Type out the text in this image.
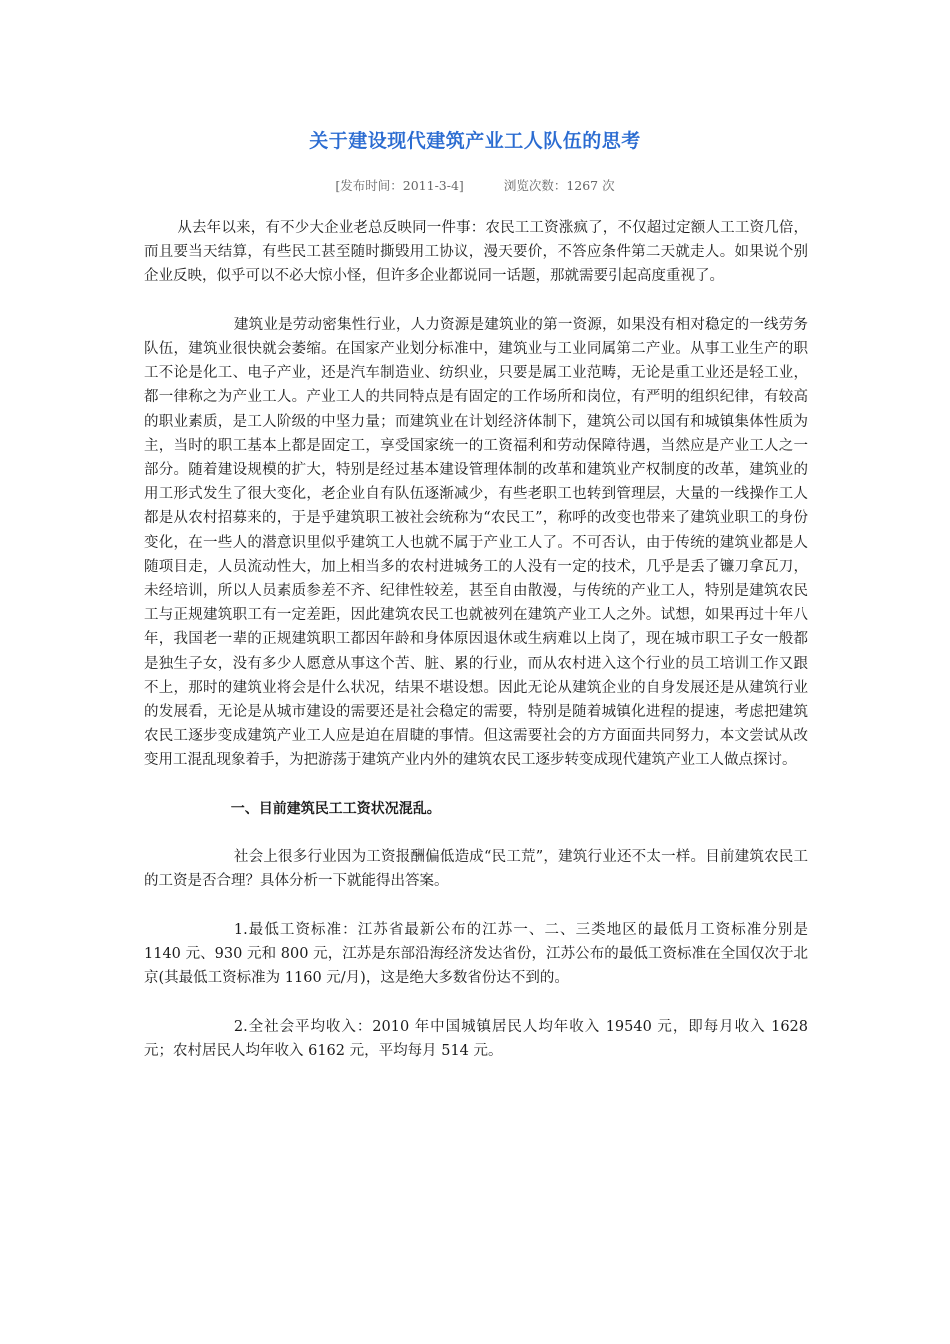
关于建设现代建筑产业工人队伍的思考
[发布时间：2011-3-4]	浏览次数：1267 次

从去年以来，有不少大企业老总反映同一件事：农民工工资涨疯了，不仅超过定额人工工资几倍，而且要当天结算，有些民工甚至随时撕毁用工协议，漫天要价，不答应条件第二天就走人。如果说个别企业反映，似乎可以不必大惊小怪，但许多企业都说同一话题，那就需要引起高度重视了。

建筑业是劳动密集性行业，人力资源是建筑业的第一资源，如果没有相对稳定的一线劳务队伍，建筑业很快就会萎缩。在国家产业划分标准中，建筑业与工业同属第二产业。从事工业生产的职工不论是化工、电子产业，还是汽车制造业、纺织业，只要是属工业范畴，无论是重工业还是轻工业，都一律称之为产业工人。产业工人的共同特点是有固定的工作场所和岗位，有严明的组织纪律，有较高的职业素质，是工人阶级的中坚力量；而建筑业在计划经济体制下，建筑公司以国有和城镇集体性质为主，当时的职工基本上都是固定工，享受国家统一的工资福利和劳动保障待遇，当然应是产业工人之一部分。随着建设规模的扩大，特别是经过基本建设管理体制的改革和建筑业产权制度的改革，建筑业的用工形式发生了很大变化，老企业自有队伍逐渐减少，有些老职工也转到管理层，大量的一线操作工人都是从农村招募来的，于是乎建筑职工被社会统称为“农民工”，称呼的改变也带来了建筑业职工的身份变化，在一些人的潜意识里似乎建筑工人也就不属于产业工人了。不可否认，由于传统的建筑业都是人随项目走，人员流动性大，加上相当多的农村进城务工的人没有一定的技术，几乎是丢了镰刀拿瓦刀，未经培训，所以人员素质参差不齐、纪律性较差，甚至自由散漫，与传统的产业工人，特别是建筑农民工与正规建筑职工有一定差距，因此建筑农民工也就被列在建筑产业工人之外。试想，如果再过十年八年，我国老一辈的正规建筑职工都因年龄和身体原因退休或生病难以上岗了，现在城市职工子女一般都是独生子女，没有多少人愿意从事这个苦、脏、累的行业，而从农村进入这个行业的员工培训工作又跟不上，那时的建筑业将会是什么状况，结果不堪设想。因此无论从建筑企业的自身发展还是从建筑行业的发展看，无论是从城市建设的需要还是社会稳定的需要，特别是随着城镇化进程的提速，考虑把建筑农民工逐步变成建筑产业工人应是迫在眉睫的事情。但这需要社会的方方面面共同努力，本文尝试从改变用工混乱现象着手，为把游荡于建筑产业内外的建筑农民工逐步转变成现代建筑产业工人做点探讨。

一、目前建筑民工工资状况混乱。

社会上很多行业因为工资报酬偏低造成“民工荒”，建筑行业还不太一样。目前建筑农民工的工资是否合理？具体分析一下就能得出答案。

1.最低工资标准：江苏省最新公布的江苏一、二、三类地区的最低月工资标准分别是 1140 元、930 元和 800 元，江苏是东部沿海经济发达省份，江苏公布的最低工资标准在全国仅次于北京(其最低工资标准为 1160 元/月)，这是绝大多数省份达不到的。

2.全社会平均收入：2010 年中国城镇居民人均年收入 19540 元，即每月收入 1628 元；农村居民人均年收入 6162 元，平均每月 514 元。
